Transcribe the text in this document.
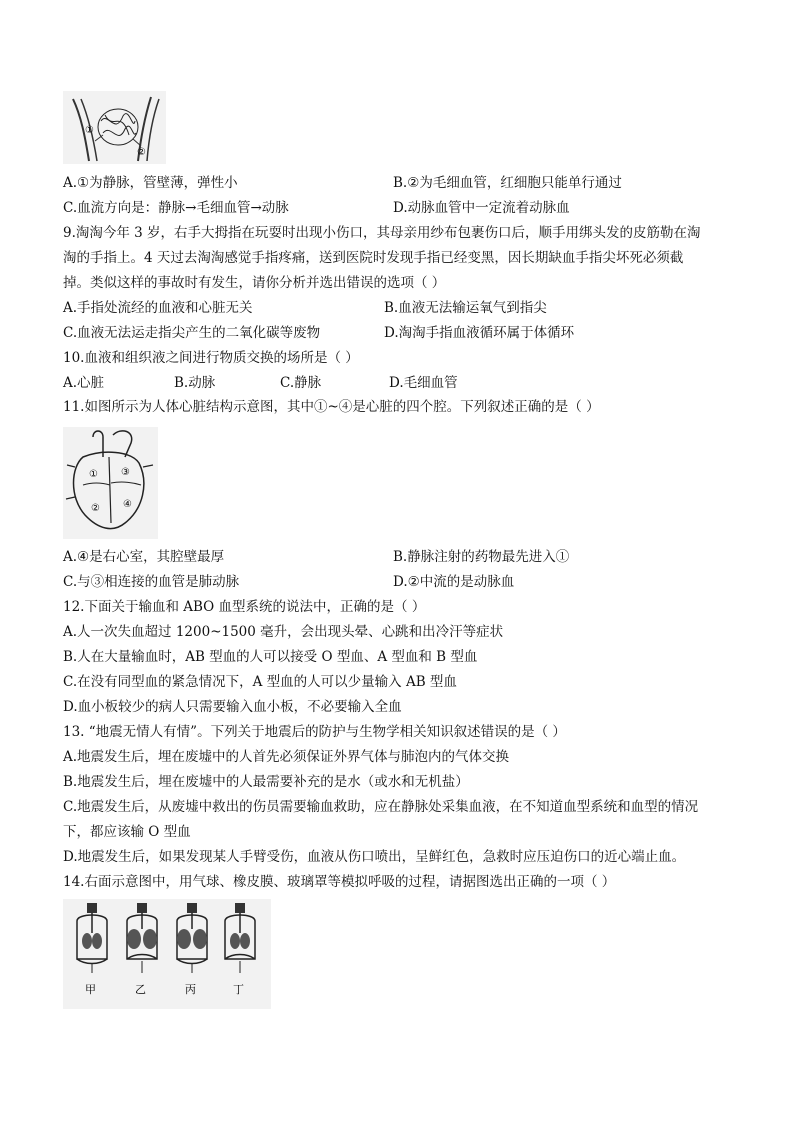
①
②
A.①为静脉，管壁薄，弹性小	B.②为毛细血管，红细胞只能单行通过
C.血流方向是：静脉→毛细血管→动脉	D.动脉血管中一定流着动脉血
9.淘淘今年 3 岁，右手大拇指在玩耍时出现小伤口，其母亲用纱布包裹伤口后，顺手用绑头发的皮筋勒在淘
淘的手指上。4 天过去淘淘感觉手指疼痛，送到医院时发现手指已经变黑，因长期缺血手指尖坏死必须截
掉。类似这样的事故时有发生，请你分析并选出错误的选项（ ）
A.手指处流经的血液和心脏无关	B.血液无法输运氧气到指尖
C.血液无法运走指尖产生的二氧化碳等废物	D.淘淘手指血液循环属于体循环
10.血液和组织液之间进行物质交换的场所是（ ）
A.心脏	B.动脉	C.静脉	D.毛细血管
11.如图所示为人体心脏结构示意图，其中①~④是心脏的四个腔。下列叙述正确的是（ ）
①
②
③
④
A.④是右心室，其腔壁最厚	B.静脉注射的药物最先进入①
C.与③相连接的血管是肺动脉	D.②中流的是动脉血
12.下面关于输血和 ABO 血型系统的说法中，正确的是（ ）
A.人一次失血超过 1200~1500 毫升，会出现头晕、心跳和出冷汗等症状
B.人在大量输血时，AB 型血的人可以接受 O 型血、A 型血和 B 型血
C.在没有同型血的紧急情况下，A 型血的人可以少量输入 AB 型血
D.血小板较少的病人只需要输入血小板，不必要输入全血
13. “地震无情人有情”。下列关于地震后的防护与生物学相关知识叙述错误的是（ ）
A.地震发生后，埋在废墟中的人首先必须保证外界气体与肺泡内的气体交换
B.地震发生后，埋在废墟中的人最需要补充的是水（或水和无机盐）
C.地震发生后，从废墟中救出的伤员需要输血救助，应在静脉处采集血液，在不知道血型系统和血型的情况
下，都应该输 O 型血
D.地震发生后，如果发现某人手臂受伤，血液从伤口喷出，呈鲜红色，急救时应压迫伤口的近心端止血。
14.右面示意图中，用气球、橡皮膜、玻璃罩等模拟呼吸的过程，请据图选出正确的一项（ ）
甲	乙	丙	丁
